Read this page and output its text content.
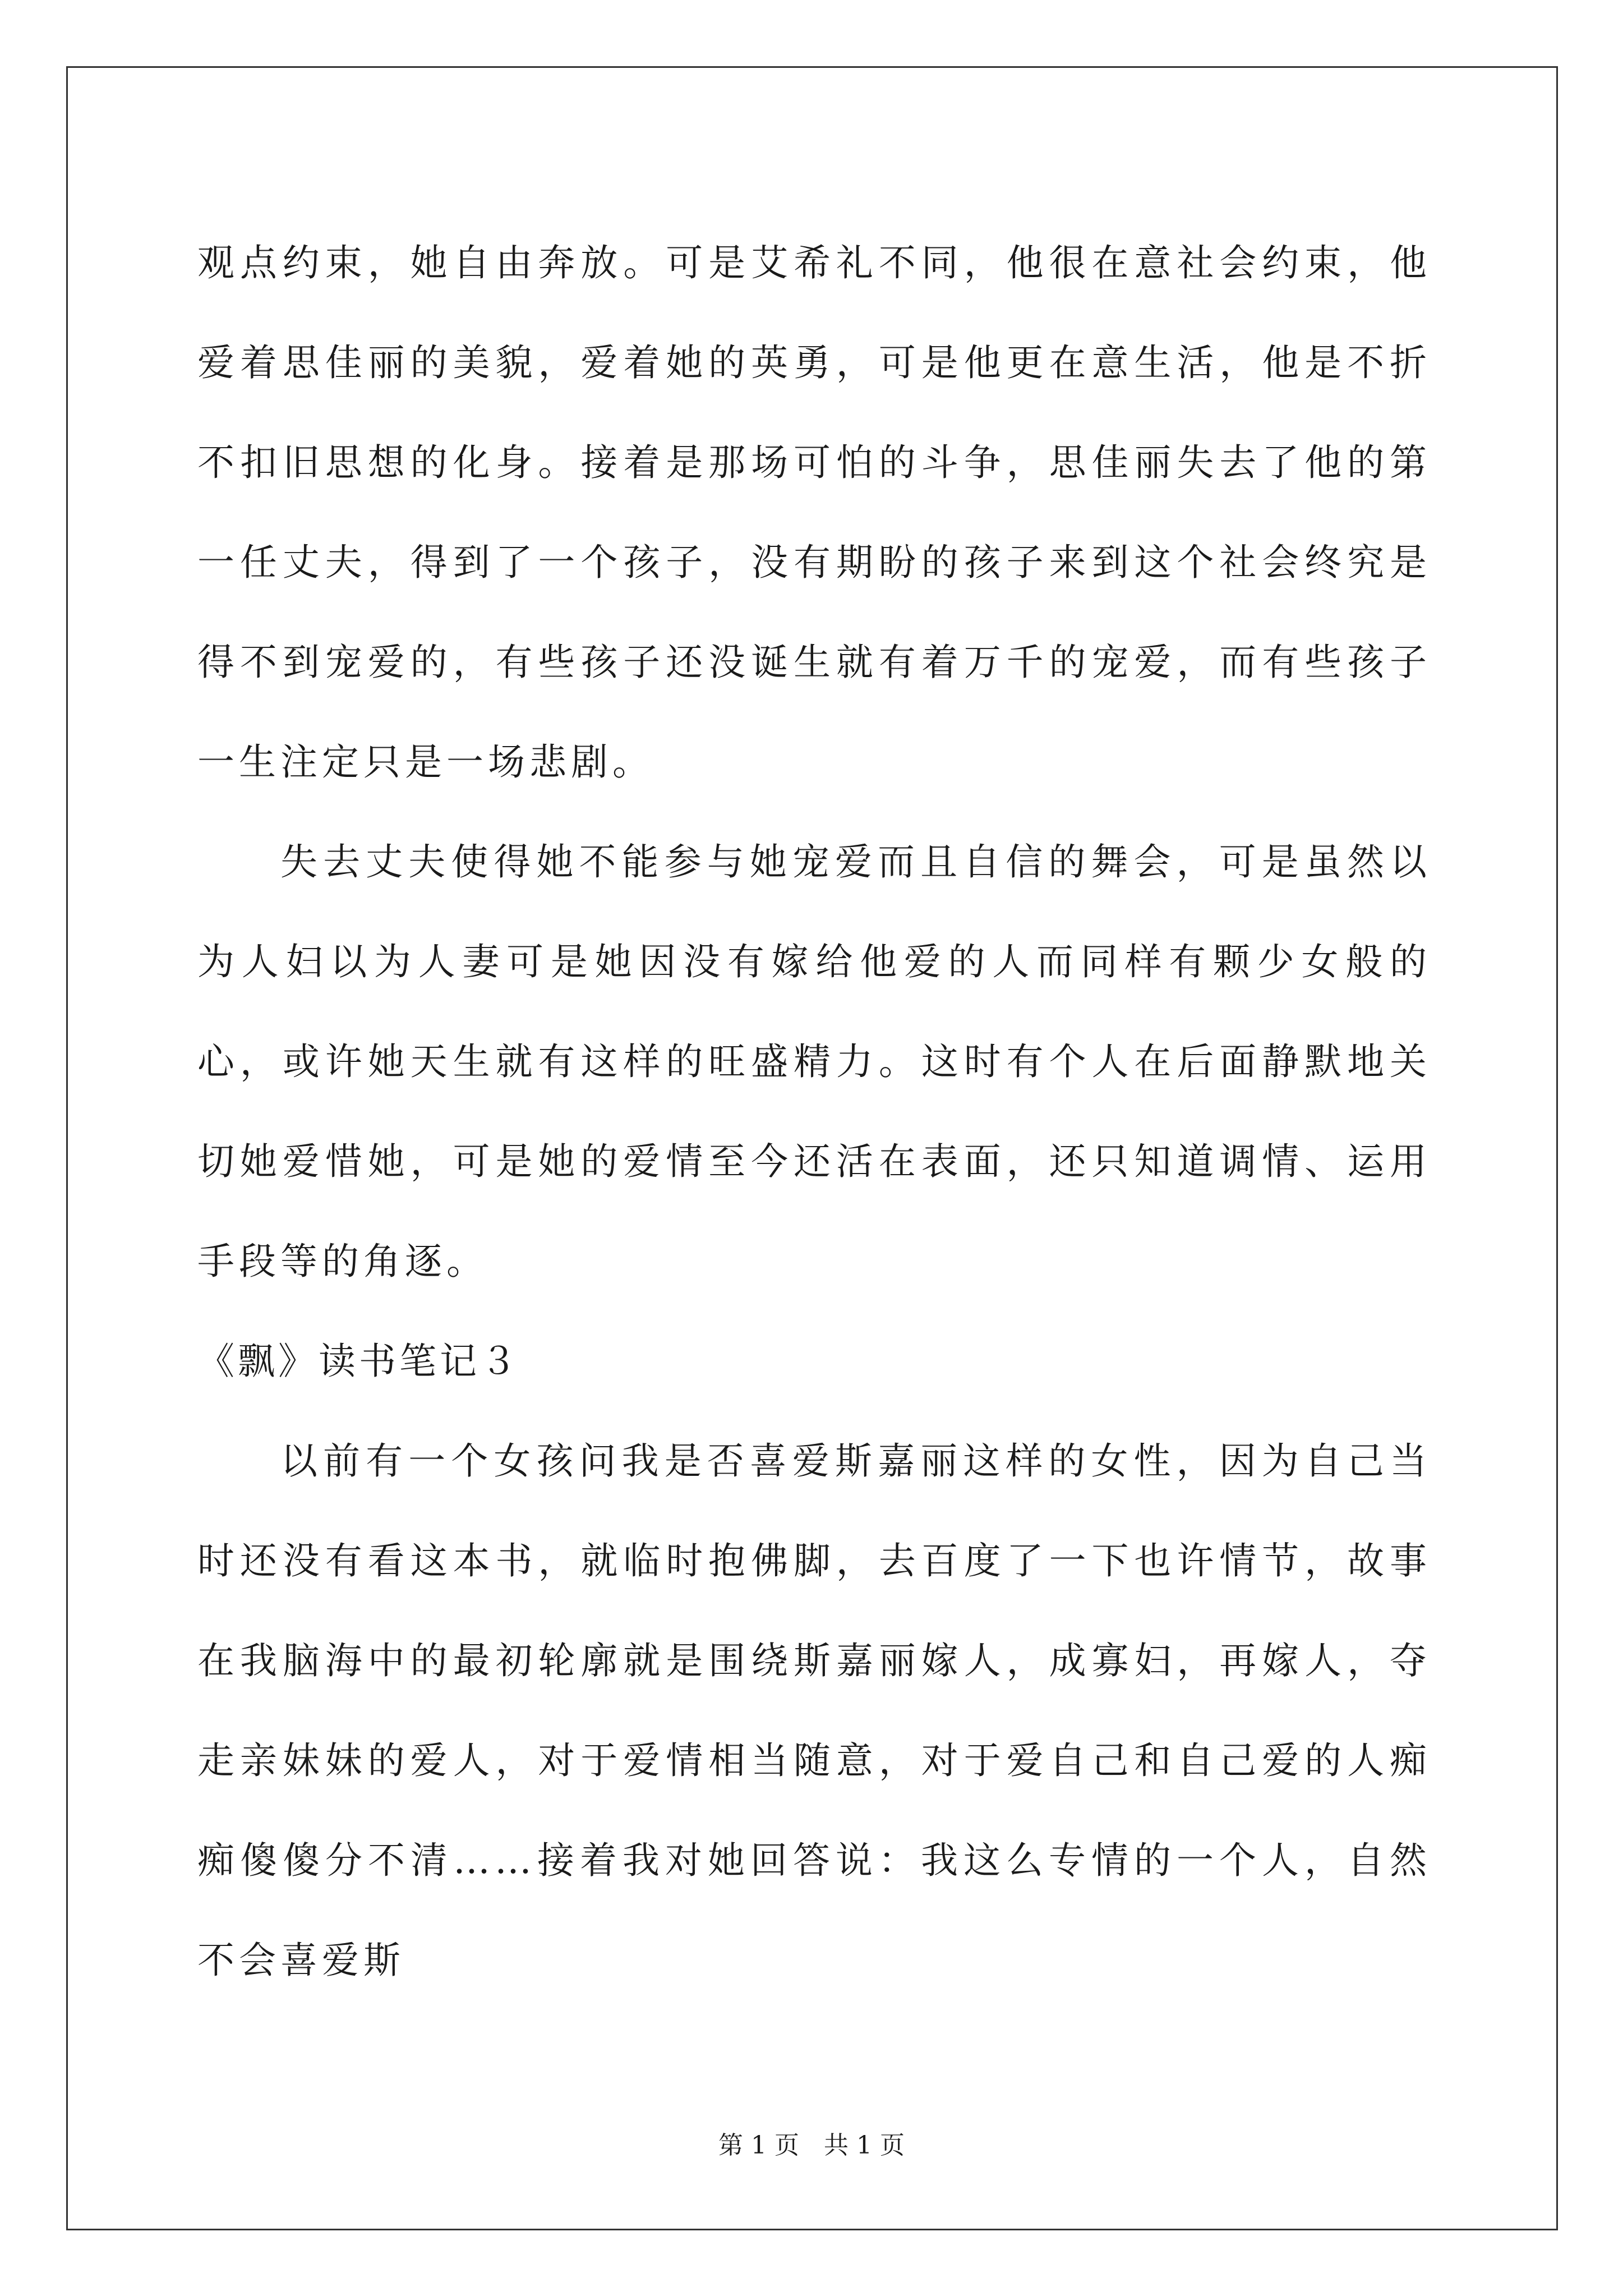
观点约束，她自由奔放。可是艾希礼不同，他很在意社会约束，他爱着思佳丽的美貌，爱着她的英勇，可是他更在意生活，他是不折不扣旧思想的化身。接着是那场可怕的斗争，思佳丽失去了他的第一任丈夫，得到了一个孩子，没有期盼的孩子来到这个社会终究是得不到宠爱的，有些孩子还没诞生就有着万千的宠爱，而有些孩子一生注定只是一场悲剧。

失去丈夫使得她不能参与她宠爱而且自信的舞会，可是虽然以为人妇以为人妻可是她因没有嫁给他爱的人而同样有颗少女般的心，或许她天生就有这样的旺盛精力。这时有个人在后面静默地关切她爱惜她，可是她的爱情至今还活在表面，还只知道调情、运用手段等的角逐。

《飘》读书笔记３

以前有一个女孩问我是否喜爱斯嘉丽这样的女性，因为自己当时还没有看这本书，就临时抱佛脚，去百度了一下也许情节，故事在我脑海中的最初轮廓就是围绕斯嘉丽嫁人，成寡妇，再嫁人，夺走亲妹妹的爱人，对于爱情相当随意，对于爱自己和自己爱的人痴痴傻傻分不清……接着我对她回答说：我这么专情的一个人，自然不会喜爱斯

第 1 页　共 1 页
